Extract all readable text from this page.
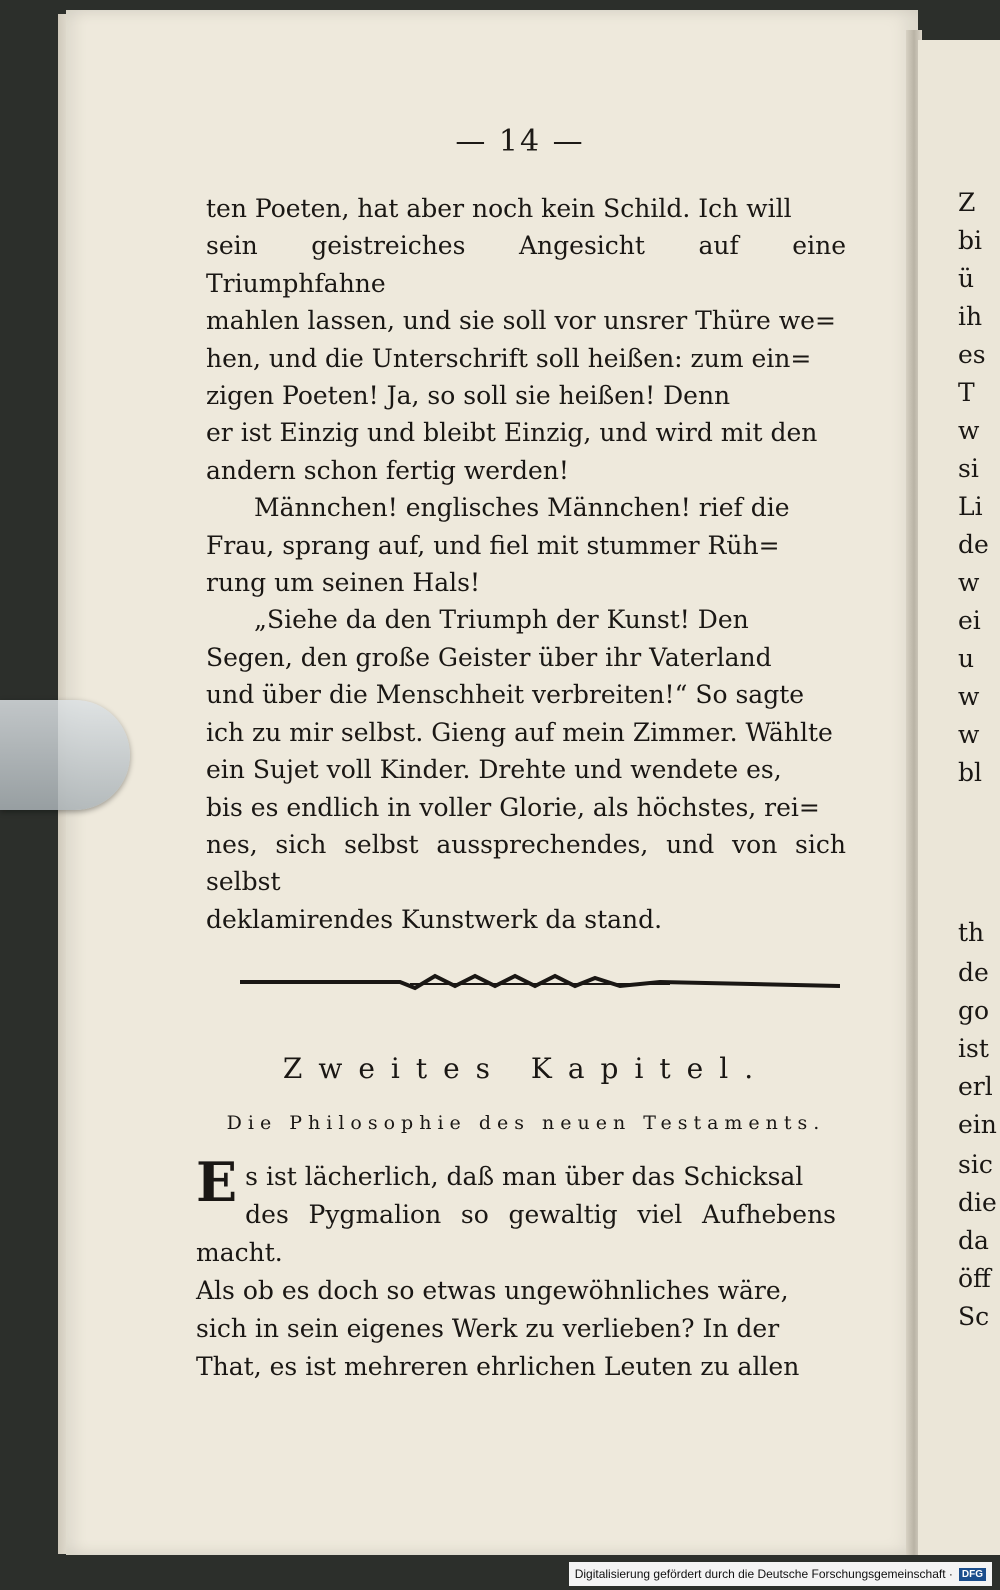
— 14 —

ten Poeten, hat aber noch kein Schild. Ich will
sein geistreiches Angesicht auf eine Triumphfahne
mahlen lassen, und sie soll vor unsrer Thüre we=
hen, und die Unterschrift soll heißen: zum ein=
zigen Poeten! Ja, so soll sie heißen! Denn
er ist Einzig und bleibt Einzig, und wird mit den
andern schon fertig werden!

Männchen! englisches Männchen! rief die
Frau, sprang auf, und fiel mit stummer Rüh=
rung um seinen Hals!

„Siehe da den Triumph der Kunst! Den
Segen, den große Geister über ihr Vaterland
und über die Menschheit verbreiten!“ So sagte
ich zu mir selbst. Gieng auf mein Zimmer. Wählte
ein Sujet voll Kinder. Drehte und wendete es,
bis es endlich in voller Glorie, als höchstes, rei=
nes, sich selbst aussprechendes, und von sich selbst
deklamirendes Kunstwerk da stand.

Zweites Kapitel.
Die Philosophie des neuen Testaments.

E s ist lächerlich, daß man über das Schicksal
des Pygmalion so gewaltig viel Aufhebens macht.
Als ob es doch so etwas ungewöhnliches wäre,
sich in sein eigenes Werk zu verlieben? In der
That, es ist mehreren ehrlichen Leuten zu allen

Z
bi
ü
ih
es
T
w
si
Li
de
w
ei
u
w
w
bl
th
de
go
ist
erl
ein
sic
die
da
öff
Sc
Digitalisierung gefördert durch die Deutsche Forschungsgemeinschaft · DFG
